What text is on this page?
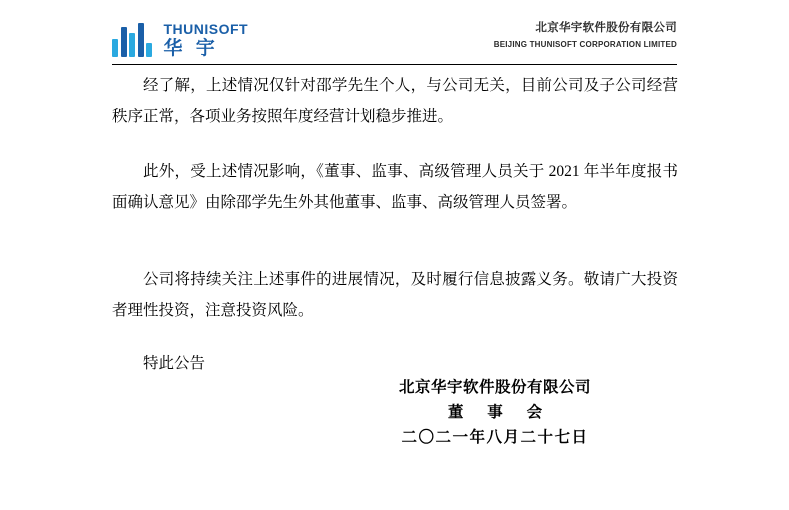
THUNISOFT
华 宇
北京华宇软件股份有限公司
BEIJING THUNISOFT CORPORATION LIMITED

经了解，上述情况仅针对邵学先生个人，与公司无关，目前公司及子公司经营秩序正常，各项业务按照年度经营计划稳步推进。

此外，受上述情况影响，《董事、监事、高级管理人员关于 2021 年半年度报书面确认意见》由除邵学先生外其他董事、监事、高级管理人员签署。

公司将持续关注上述事件的进展情况，及时履行信息披露义务。敬请广大投资者理性投资，注意投资风险。

特此公告

北京华宇软件股份有限公司
董 事 会
二〇二一年八月二十七日
